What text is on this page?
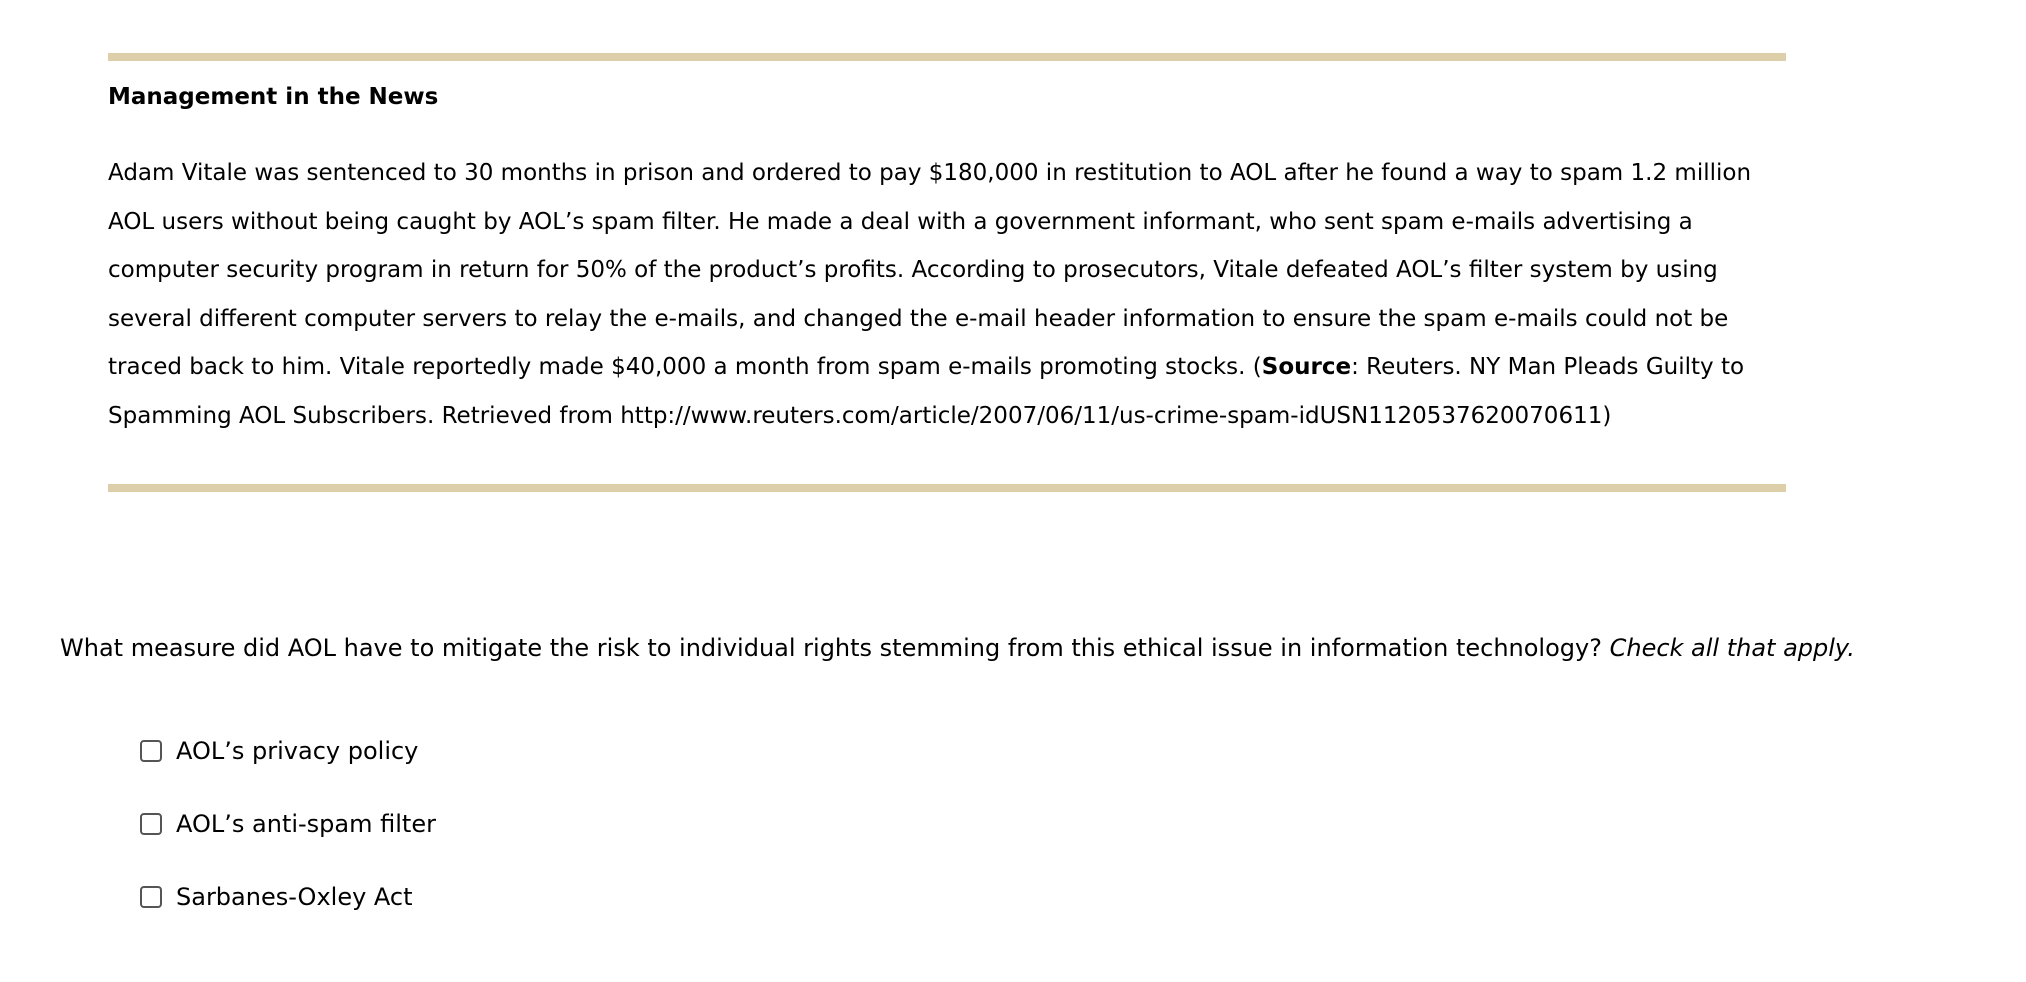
Management in the News
Adam Vitale was sentenced to 30 months in prison and ordered to pay $180,000 in restitution to AOL after he found a way to spam 1.2 million AOL users without being caught by AOL’s spam filter. He made a deal with a government informant, who sent spam e-mails advertising a computer security program in return for 50% of the product’s profits. According to prosecutors, Vitale defeated AOL’s filter system by using several different computer servers to relay the e-mails, and changed the e-mail header information to ensure the spam e-mails could not be traced back to him. Vitale reportedly made $40,000 a month from spam e-mails promoting stocks. (Source: Reuters. NY Man Pleads Guilty to Spamming AOL Subscribers. Retrieved from http://www.reuters.com/article/2007/06/11/us-crime-spam-idUSN1120537620070611)
What measure did AOL have to mitigate the risk to individual rights stemming from this ethical issue in information technology? Check all that apply.
AOL’s privacy policy
AOL’s anti-spam filter
Sarbanes-Oxley Act
